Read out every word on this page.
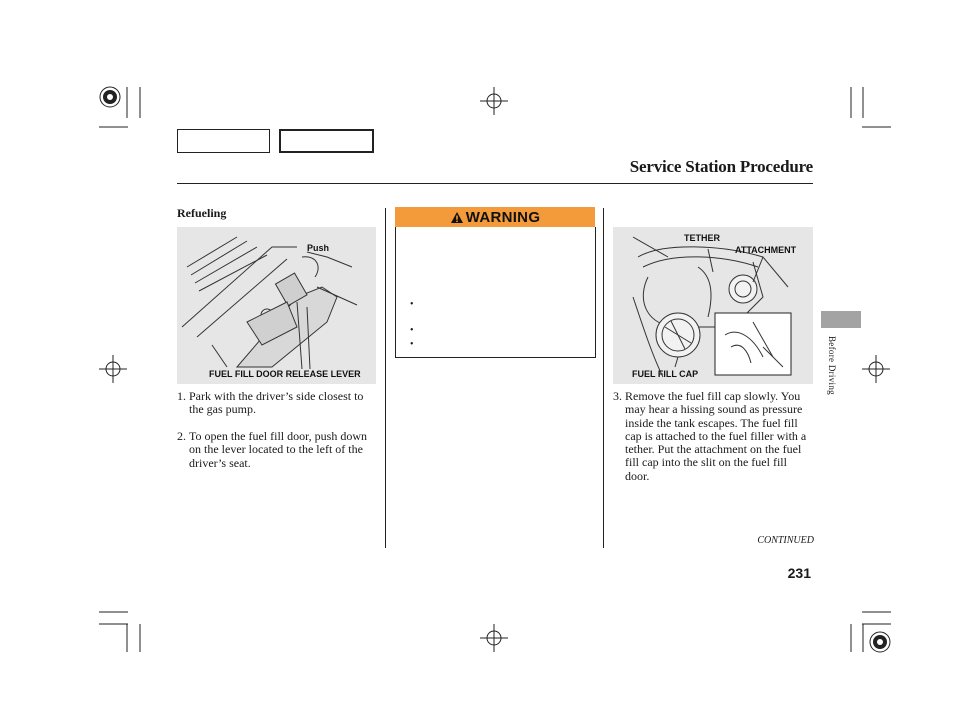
Service Station Procedure
Refueling
Push
FUEL FILL DOOR RELEASE LEVER
1. Park with the driver’s side closest to the gas pump.
2. To open the fuel fill door, push down on the lever located to the left of the driver’s seat.
WARNING
•
•
•
TETHER
ATTACHMENT
FUEL FILL CAP
3. Remove the fuel fill cap slowly. You may hear a hissing sound as pressure inside the tank escapes. The fuel fill cap is attached to the fuel filler with a tether. Put the attachment on the fuel fill cap into the slit on the fuel fill door.
Before Driving
CONTINUED
231
